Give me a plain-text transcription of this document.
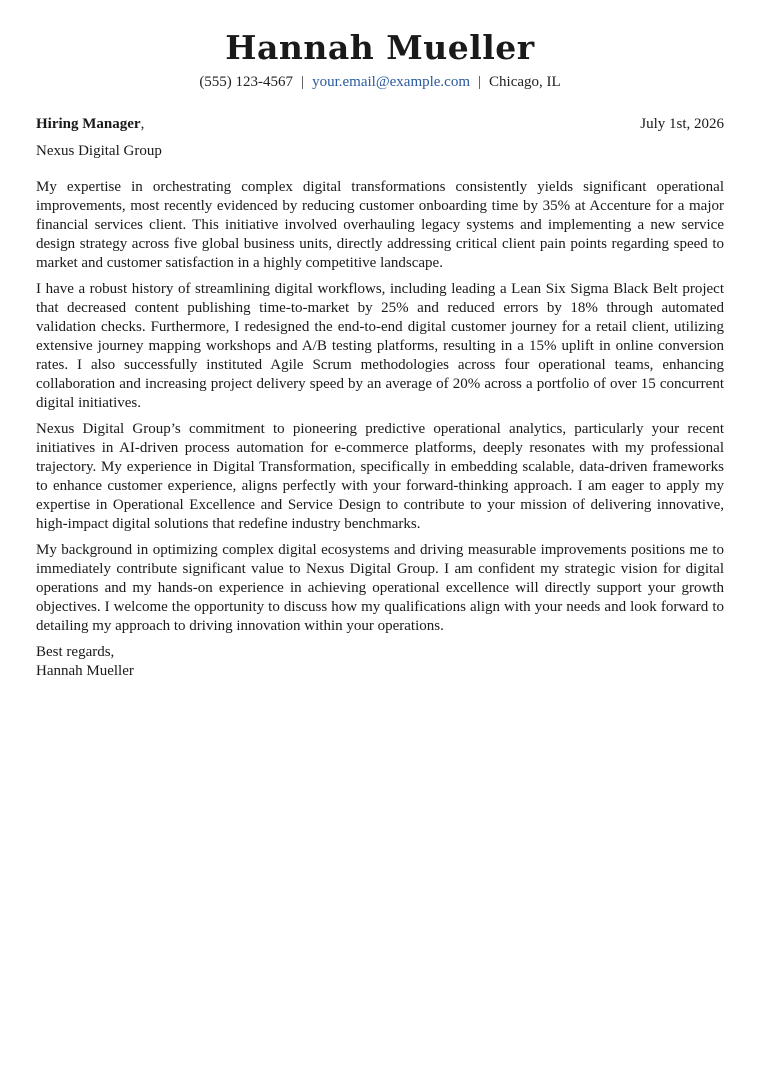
Hannah Mueller
(555) 123-4567 | your.email@example.com | Chicago, IL
Hiring Manager,	July 1st, 2026
Nexus Digital Group

My expertise in orchestrating complex digital transformations consistently yields significant operational improvements, most recently evidenced by reducing customer onboarding time by 35% at Accenture for a major financial services client. This initiative involved overhauling legacy systems and implementing a new service design strategy across five global business units, directly addressing critical client pain points regarding speed to market and customer satisfaction in a highly competitive landscape.

I have a robust history of streamlining digital workflows, including leading a Lean Six Sigma Black Belt project that decreased content publishing time-to-market by 25% and reduced errors by 18% through automated validation checks. Furthermore, I redesigned the end-to-end digital customer journey for a retail client, utilizing extensive journey mapping workshops and A/B testing platforms, resulting in a 15% uplift in online conversion rates. I also successfully instituted Agile Scrum methodologies across four operational teams, enhancing collaboration and increasing project delivery speed by an average of 20% across a portfolio of over 15 concurrent digital initiatives.

Nexus Digital Group’s commitment to pioneering predictive operational analytics, particularly your recent initiatives in AI-driven process automation for e-commerce platforms, deeply resonates with my professional trajectory. My experience in Digital Transformation, specifically in embedding scalable, data-driven frameworks to enhance customer experience, aligns perfectly with your forward-thinking approach. I am eager to apply my expertise in Operational Excellence and Service Design to contribute to your mission of delivering innovative, high-impact digital solutions that redefine industry benchmarks.

My background in optimizing complex digital ecosystems and driving measurable improvements positions me to immediately contribute significant value to Nexus Digital Group. I am confident my strategic vision for digital operations and my hands-on experience in achieving operational excellence will directly support your growth objectives. I welcome the opportunity to discuss how my qualifications align with your needs and look forward to detailing my approach to driving innovation within your operations.

Best regards,
Hannah Mueller
